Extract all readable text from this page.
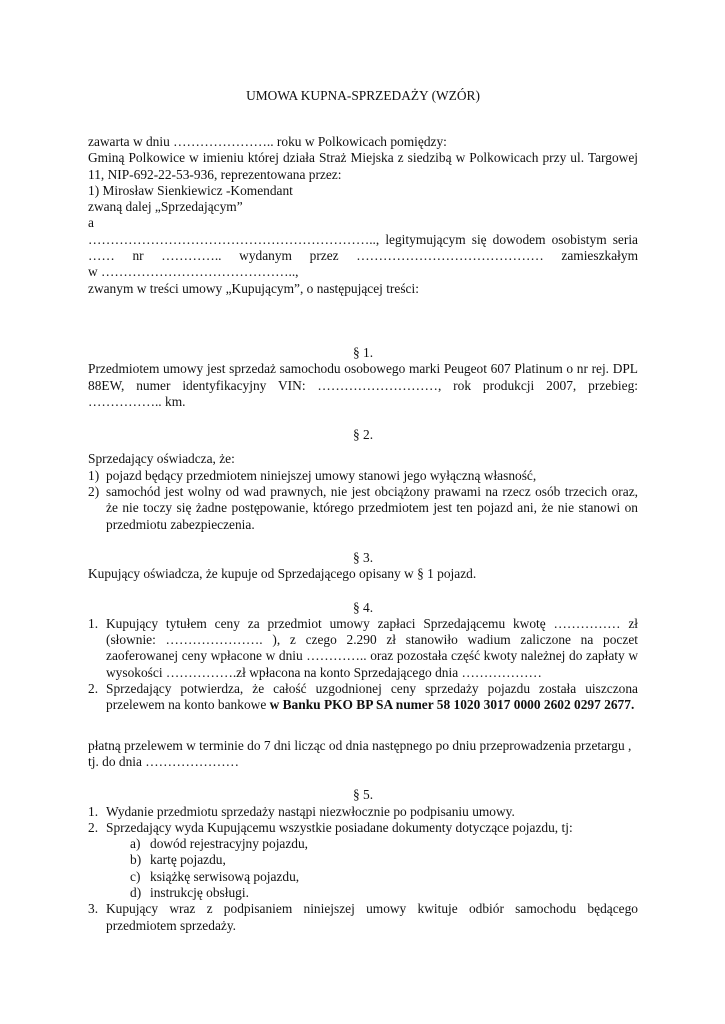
UMOWA KUPNA-SPRZEDAŻY (WZÓR)

zawarta w dniu ………………….. roku w Polkowicach pomiędzy:
Gminą Polkowice w imieniu której działa Straż Miejska z siedzibą w Polkowicach przy ul. Targowej
11, NIP-692-22-53-936, reprezentowana przez:
1) Mirosław Sienkiewicz -Komendant
zwaną dalej „Sprzedającym”
a
……………………………………………………….., legitymującym się dowodem osobistym seria
…… nr ………….. wydanym przez …………………………………… zamieszkałym
w ……………………………………..,
zwanym w treści umowy „Kupującym”, o następującej treści:
§ 1.
Przedmiotem umowy jest sprzedaż samochodu osobowego marki Peugeot 607 Platinum o nr rej. DPL
88EW, numer identyfikacyjny VIN: ………………………, rok produkcji 2007, przebieg:
…………….. km.
§ 2.
Sprzedający oświadcza, że:
1) pojazd będący przedmiotem niniejszej umowy stanowi jego wyłączną własność,
2) samochód jest wolny od wad prawnych, nie jest obciążony prawami na rzecz osób trzecich oraz, że nie toczy się żadne postępowanie, którego przedmiotem jest ten pojazd ani, że nie stanowi on przedmiotu zabezpieczenia.
§ 3.
Kupujący oświadcza, że kupuje od Sprzedającego opisany w § 1 pojazd.
§ 4.
1. Kupujący tytułem ceny za przedmiot umowy zapłaci Sprzedającemu kwotę …………… zł (słownie: …………………. ), z czego 2.290 zł stanowiło wadium zaliczone na poczet zaoferowanej ceny wpłacone w dniu ………….. oraz pozostała część kwoty należnej do zapłaty w wysokości …………….zł wpłacona na konto Sprzedającego dnia ………………
2. Sprzedający potwierdza, że całość uzgodnionej ceny sprzedaży pojazdu została uiszczona przelewem na konto bankowe w Banku PKO BP SA numer 58 1020 3017 0000 2602 0297 2677.
płatną przelewem w terminie do 7 dni licząc od dnia następnego po dniu przeprowadzenia przetargu ,
tj. do dnia …………………
§ 5.
1. Wydanie przedmiotu sprzedaży nastąpi niezwłocznie po podpisaniu umowy.
2. Sprzedający wyda Kupującemu wszystkie posiadane dokumenty dotyczące pojazdu, tj:
a) dowód rejestracyjny pojazdu,
b) kartę pojazdu,
c) książkę serwisową pojazdu,
d) instrukcję obsługi.
3. Kupujący wraz z podpisaniem niniejszej umowy kwituje odbiór samochodu będącego przedmiotem sprzedaży.
